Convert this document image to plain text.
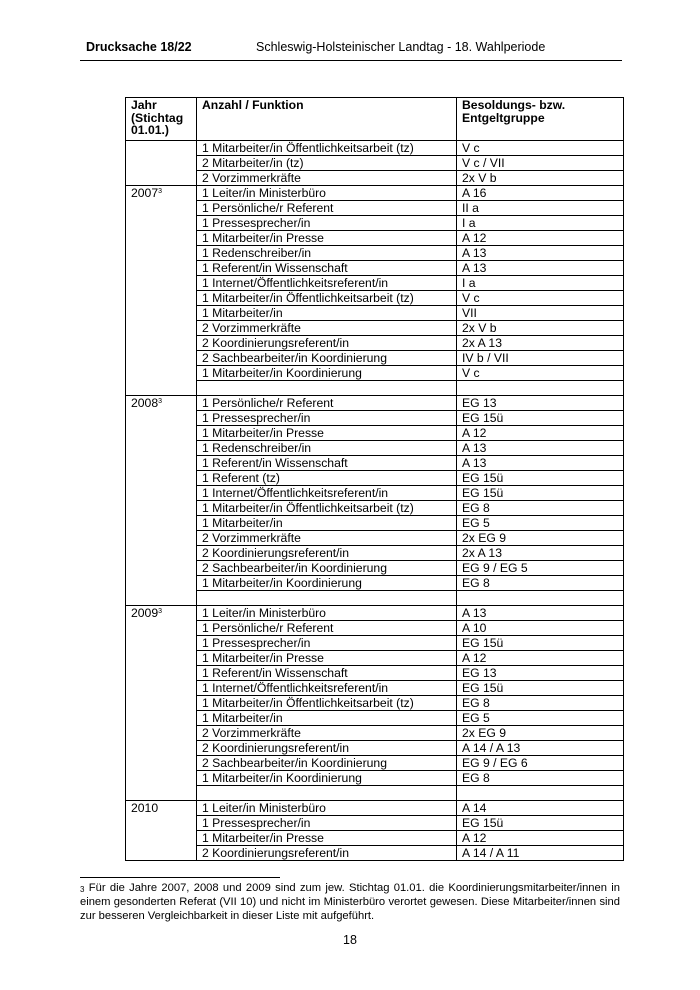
Drucksache 18/22	Schleswig-Holsteinischer Landtag - 18. Wahlperiode
Jahr (Stichtag 01.01.)	Anzahl / Funktion	Besoldungs- bzw. Entgeltgruppe
	1 Mitarbeiter/in Öffentlichkeitsarbeit (tz)	V c
	2 Mitarbeiter/in (tz)	V c / VII
	2 Vorzimmerkräfte	2x V b
2007$^3$	1 Leiter/in Ministerbüro	A 16
	1 Persönliche/r Referent	II a
	1 Pressesprecher/in	I a
	1 Mitarbeiter/in Presse	A 12
	1 Redenschreiber/in	A 13
	1 Referent/in Wissenschaft	A 13
	1 Internet/Öffentlichkeitsreferent/in	I a
	1 Mitarbeiter/in Öffentlichkeitsarbeit (tz)	V c
	1 Mitarbeiter/in	VII
	2 Vorzimmerkräfte	2x V b
	2 Koordinierungsreferent/in	2x A 13
	2 Sachbearbeiter/in Koordinierung	IV b / VII
	1 Mitarbeiter/in Koordinierung	V c

2008$^3$	1 Persönliche/r Referent	EG 13
	1 Pressesprecher/in	EG 15ü
	1 Mitarbeiter/in Presse	A 12
	1 Redenschreiber/in	A 13
	1 Referent/in Wissenschaft	A 13
	1 Referent (tz)	EG 15ü
	1 Internet/Öffentlichkeitsreferent/in	EG 15ü
	1 Mitarbeiter/in Öffentlichkeitsarbeit (tz)	EG 8
	1 Mitarbeiter/in	EG 5
	2 Vorzimmerkräfte	2x EG 9
	2 Koordinierungsreferent/in	2x A 13
	2 Sachbearbeiter/in Koordinierung	EG 9 / EG 5
	1 Mitarbeiter/in Koordinierung	EG 8

2009$^3$	1 Leiter/in Ministerbüro	A 13
	1 Persönliche/r Referent	A 10
	1 Pressesprecher/in	EG 15ü
	1 Mitarbeiter/in Presse	A 12
	1 Referent/in Wissenschaft	EG 13
	1 Internet/Öffentlichkeitsreferent/in	EG 15ü
	1 Mitarbeiter/in Öffentlichkeitsarbeit (tz)	EG 8
	1 Mitarbeiter/in	EG 5
	2 Vorzimmerkräfte	2x EG 9
	2 Koordinierungsreferent/in	A 14 / A 13
	2 Sachbearbeiter/in Koordinierung	EG 9 / EG 6
	1 Mitarbeiter/in Koordinierung	EG 8

2010	1 Leiter/in Ministerbüro	A 14
	1 Pressesprecher/in	EG 15ü
	1 Mitarbeiter/in Presse	A 12
	2 Koordinierungsreferent/in	A 14 / A 11
$^3$ Für die Jahre 2007, 2008 und 2009 sind zum jew. Stichtag 01.01. die Koordinierungsmitarbeiter/innen in einem gesonderten Referat (VII 10) und nicht im Ministerbüro verortet gewesen. Diese Mitarbeiter/innen sind zur besseren Vergleichbarkeit in dieser Liste mit aufgeführt.
18
